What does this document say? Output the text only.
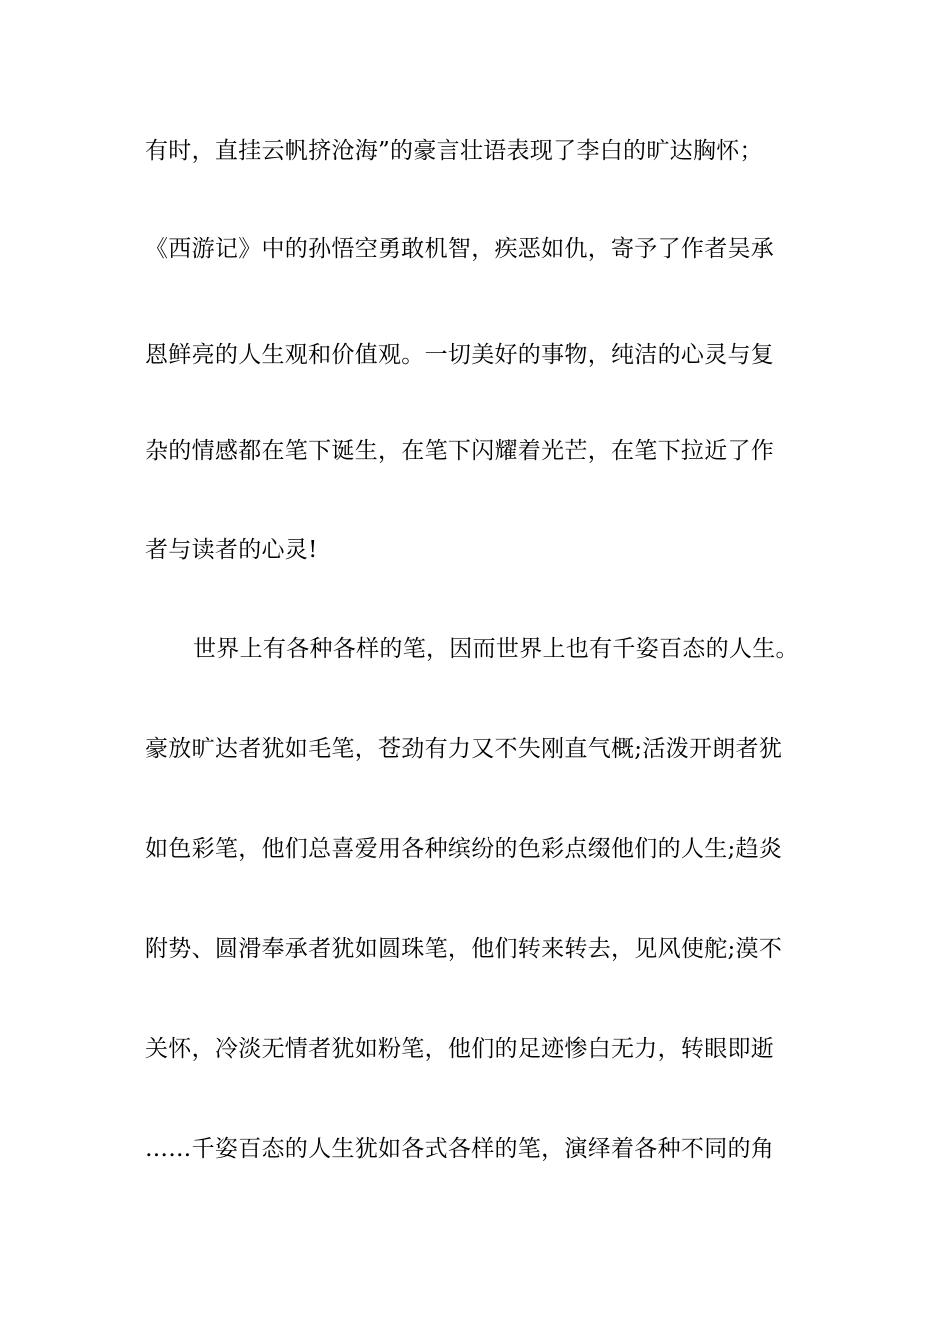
有时，直挂云帆挤沧海”的豪言壮语表现了李白的旷达胸怀；
《西游记》中的孙悟空勇敢机智，疾恶如仇，寄予了作者吴承
恩鲜亮的人生观和价值观。一切美好的事物，纯洁的心灵与复
杂的情感都在笔下诞生，在笔下闪耀着光芒，在笔下拉近了作
者与读者的心灵!
世界上有各种各样的笔，因而世界上也有千姿百态的人生。
豪放旷达者犹如毛笔，苍劲有力又不失刚直气概;活泼开朗者犹
如色彩笔，他们总喜爱用各种缤纷的色彩点缀他们的人生;趋炎
附势、圆滑奉承者犹如圆珠笔，他们转来转去，见风使舵;漠不
关怀，冷淡无情者犹如粉笔，他们的足迹惨白无力，转眼即逝
……千姿百态的人生犹如各式各样的笔，演绎着各种不同的角
